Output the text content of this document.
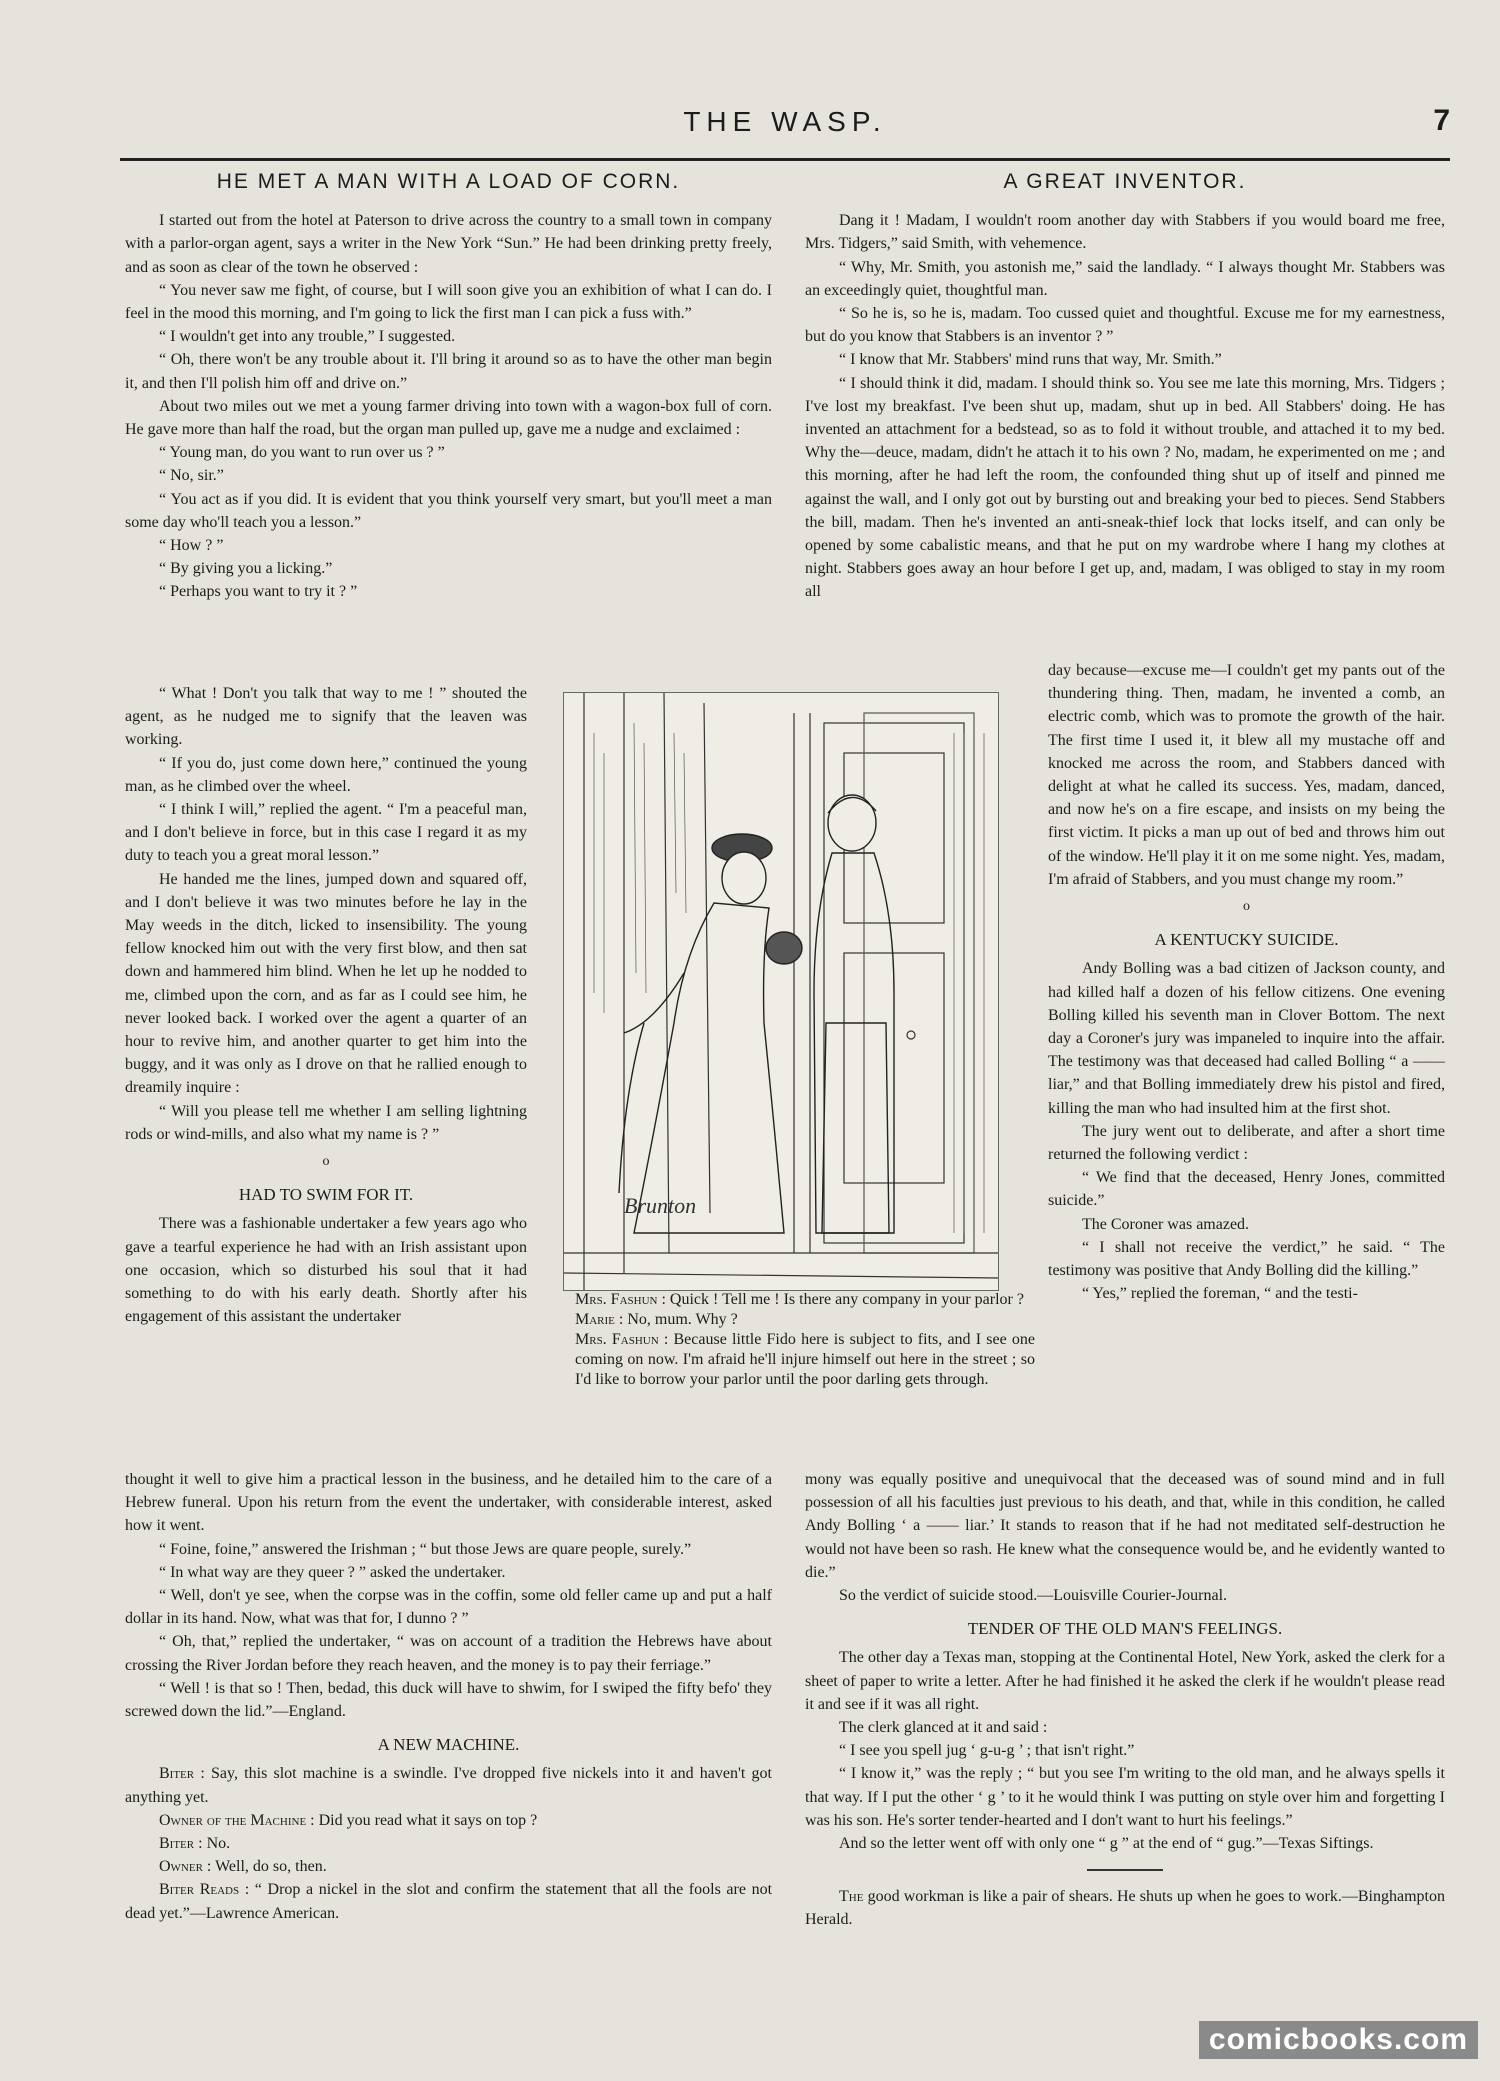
THE WASP.	7
HE MET A MAN WITH A LOAD OF CORN.

I started out from the hotel at Paterson to drive across the country to a small town in company with a parlor-organ agent, says a writer in the New York “Sun.” He had been drinking pretty freely, and as soon as clear of the town he observed :

“ You never saw me fight, of course, but I will soon give you an exhibition of what I can do. I feel in the mood this morning, and I'm going to lick the first man I can pick a fuss with.”

“ I wouldn't get into any trouble,” I suggested.

“ Oh, there won't be any trouble about it. I'll bring it around so as to have the other man begin it, and then I'll polish him off and drive on.”

About two miles out we met a young farmer driving into town with a wagon-box full of corn. He gave more than half the road, but the organ man pulled up, gave me a nudge and exclaimed :

“ Young man, do you want to run over us ? ”

“ No, sir.”

“ You act as if you did. It is evident that you think yourself very smart, but you'll meet a man some day who'll teach you a lesson.”

“ How ? ”

“ By giving you a licking.”

“ Perhaps you want to try it ? ”

“ What ! Don't you talk that way to me ! ” shouted the agent, as he nudged me to signify that the leaven was working.

“ If you do, just come down here,” continued the young man, as he climbed over the wheel.

“ I think I will,” replied the agent. “ I'm a peaceful man, and I don't believe in force, but in this case I regard it as my duty to teach you a great moral lesson.”

He handed me the lines, jumped down and squared off, and I don't believe it was two minutes before he lay in the May weeds in the ditch, licked to insensibility. The young fellow knocked him out with the very first blow, and then sat down and hammered him blind. When he let up he nodded to me, climbed upon the corn, and as far as I could see him, he never looked back. I worked over the agent a quarter of an hour to revive him, and another quarter to get him into the buggy, and it was only as I drove on that he rallied enough to dreamily inquire :

“ Will you please tell me whether I am selling lightning rods or wind-mills, and also what my name is ? ”

o
HAD TO SWIM FOR IT.

There was a fashionable undertaker a few years ago who gave a tearful experience he had with an Irish assistant upon one occasion, which so disturbed his soul that it had something to do with his early death. Shortly after his engagement of this assistant the undertaker

thought it well to give him a practical lesson in the business, and he detailed him to the care of a Hebrew funeral. Upon his return from the event the undertaker, with considerable interest, asked how it went.

“ Foine, foine,” answered the Irishman ; “ but those Jews are quare people, surely.”

“ In what way are they queer ? ” asked the undertaker.

“ Well, don't ye see, when the corpse was in the coffin, some old feller came up and put a half dollar in its hand. Now, what was that for, I dunno ? ”

“ Oh, that,” replied the undertaker, “ was on account of a tradition the Hebrews have about crossing the River Jordan before they reach heaven, and the money is to pay their ferriage.”

“ Well ! is that so ! Then, bedad, this duck will have to shwim, for I swiped the fifty befo' they screwed down the lid.”—England.

A NEW MACHINE.

Biter : Say, this slot machine is a swindle. I've dropped five nickels into it and haven't got anything yet.

Owner of the Machine : Did you read what it says on top ?

Biter : No.

Owner : Well, do so, then.

Biter Reads : “ Drop a nickel in the slot and confirm the statement that all the fools are not dead yet.”—Lawrence American.

Brunton

Mrs. Fashun : Quick ! Tell me ! Is there any company in your parlor ?

Marie : No, mum. Why ?

Mrs. Fashun : Because little Fido here is subject to fits, and I see one coming on now. I'm afraid he'll injure himself out here in the street ; so I'd like to borrow your parlor until the poor darling gets through.

A GREAT INVENTOR.

Dang it ! Madam, I wouldn't room another day with Stabbers if you would board me free, Mrs. Tidgers,” said Smith, with vehemence.

“ Why, Mr. Smith, you astonish me,” said the landlady. “ I always thought Mr. Stabbers was an exceedingly quiet, thoughtful man.

“ So he is, so he is, madam. Too cussed quiet and thoughtful. Excuse me for my earnestness, but do you know that Stabbers is an inventor ? ”

“ I know that Mr. Stabbers' mind runs that way, Mr. Smith.”

“ I should think it did, madam. I should think so. You see me late this morning, Mrs. Tidgers ; I've lost my breakfast. I've been shut up, madam, shut up in bed. All Stabbers' doing. He has invented an attachment for a bedstead, so as to fold it without trouble, and attached it to my bed. Why the—deuce, madam, didn't he attach it to his own ? No, madam, he experimented on me ; and this morning, after he had left the room, the confounded thing shut up of itself and pinned me against the wall, and I only got out by bursting out and breaking your bed to pieces. Send Stabbers the bill, madam. Then he's invented an anti-sneak-thief lock that locks itself, and can only be opened by some cabalistic means, and that he put on my wardrobe where I hang my clothes at night. Stabbers goes away an hour before I get up, and, madam, I was obliged to stay in my room all

day because—excuse me—I couldn't get my pants out of the thundering thing. Then, madam, he invented a comb, an electric comb, which was to promote the growth of the hair. The first time I used it, it blew all my mustache off and knocked me across the room, and Stabbers danced with delight at what he called its success. Yes, madam, danced, and now he's on a fire escape, and insists on my being the first victim. It picks a man up out of bed and throws him out of the window. He'll play it it on me some night. Yes, madam, I'm afraid of Stabbers, and you must change my room.”

o
A KENTUCKY SUICIDE.

Andy Bolling was a bad citizen of Jackson county, and had killed half a dozen of his fellow citizens. One evening Bolling killed his seventh man in Clover Bottom. The next day a Coroner's jury was impaneled to inquire into the affair. The testimony was that deceased had called Bolling “ a —— liar,” and that Bolling immediately drew his pistol and fired, killing the man who had insulted him at the first shot.

The jury went out to deliberate, and after a short time returned the following verdict :

“ We find that the deceased, Henry Jones, committed suicide.”

The Coroner was amazed.

“ I shall not receive the verdict,” he said. “ The testimony was positive that Andy Bolling did the killing.”

“ Yes,” replied the foreman, “ and the testi-

mony was equally positive and unequivocal that the deceased was of sound mind and in full possession of all his faculties just previous to his death, and that, while in this condition, he called Andy Bolling ‘ a —— liar.’ It stands to reason that if he had not meditated self-destruction he would not have been so rash. He knew what the consequence would be, and he evidently wanted to die.”

So the verdict of suicide stood.—Louisville Courier-Journal.

TENDER OF THE OLD MAN'S FEELINGS.

The other day a Texas man, stopping at the Continental Hotel, New York, asked the clerk for a sheet of paper to write a letter. After he had finished it he asked the clerk if he wouldn't please read it and see if it was all right.

The clerk glanced at it and said :

“ I see you spell jug ‘ g-u-g ’ ; that isn't right.”

“ I know it,” was the reply ; “ but you see I'm writing to the old man, and he always spells it that way. If I put the other ‘ g ’ to it he would think I was putting on style over him and forgetting I was his son. He's sorter tender-hearted and I don't want to hurt his feelings.”

And so the letter went off with only one “ g ” at the end of “ gug.”—Texas Siftings.

The good workman is like a pair of shears. He shuts up when he goes to work.—Binghampton Herald.

comicbooks.com
